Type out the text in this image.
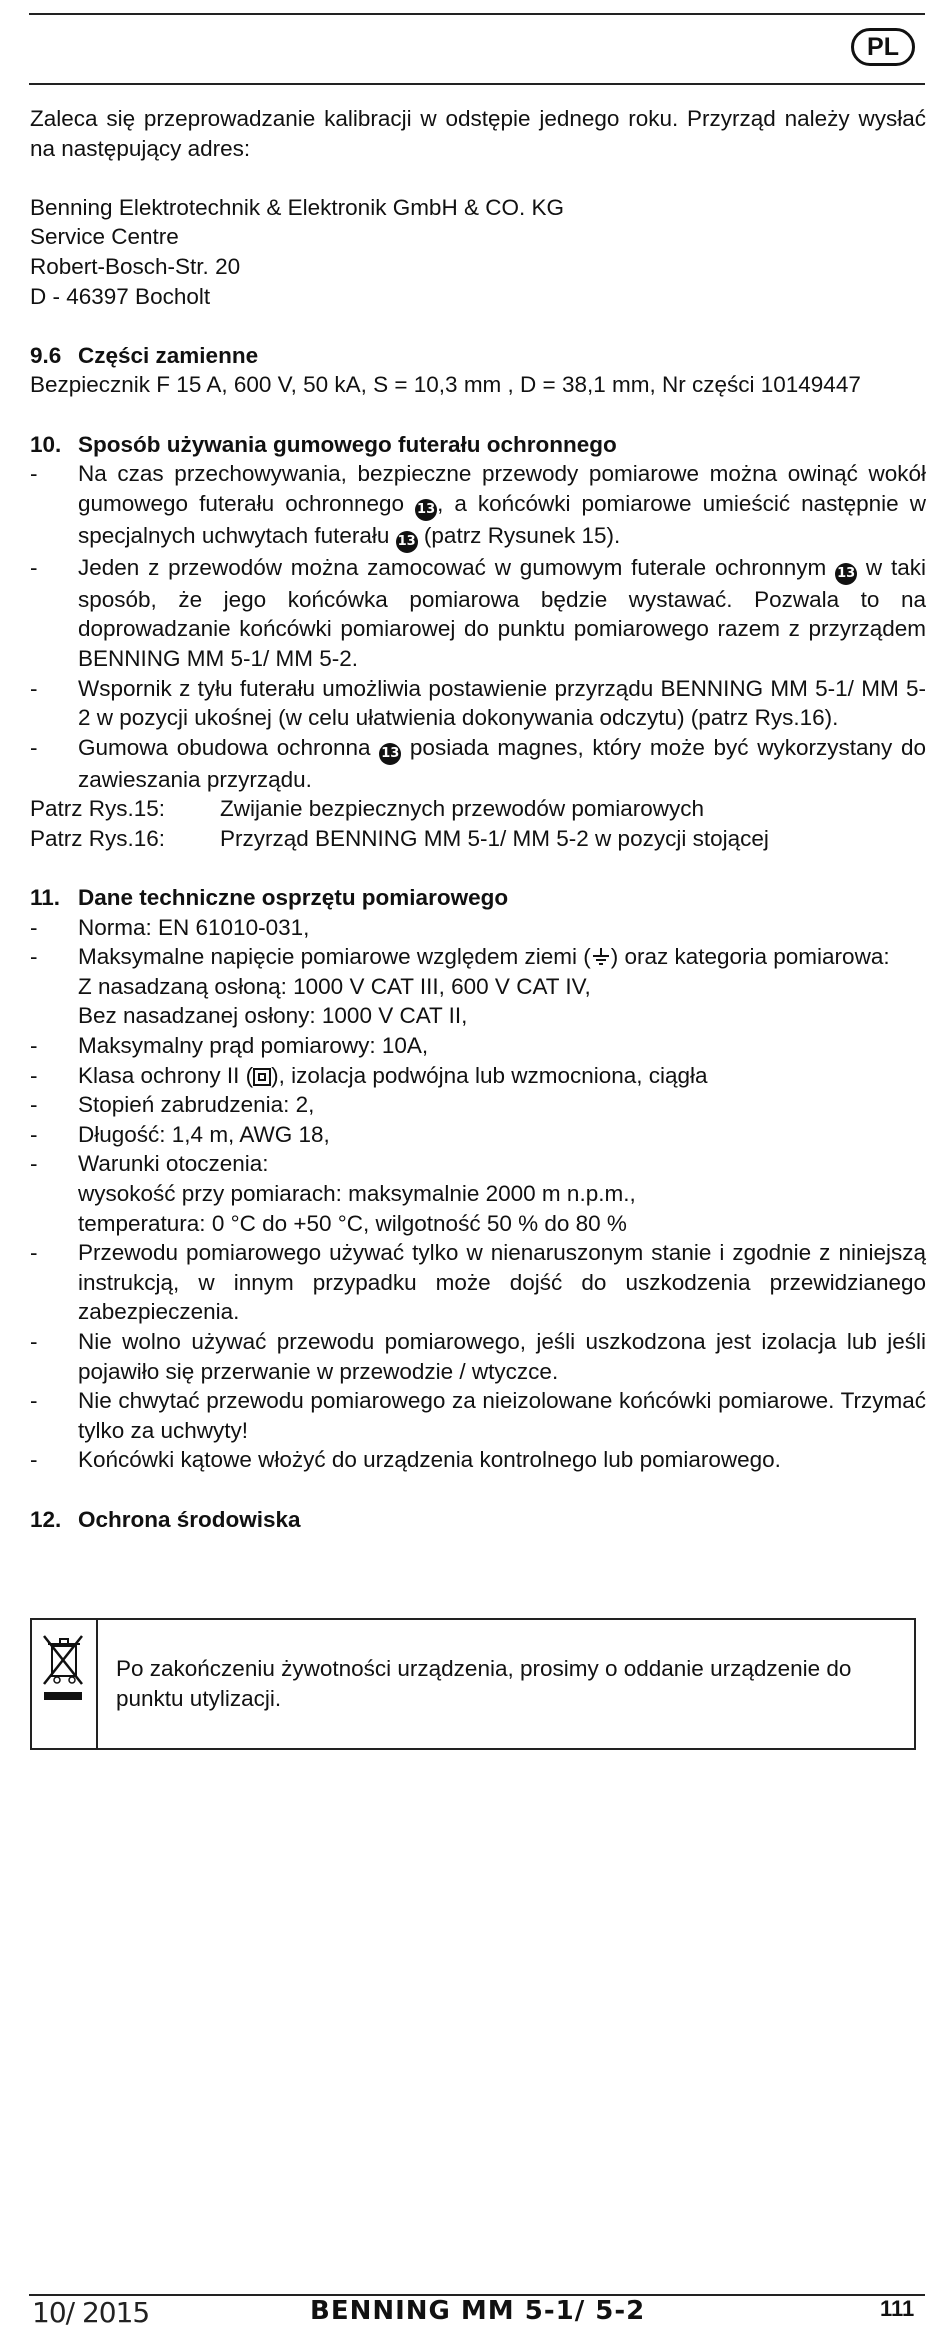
PL

Zaleca się przeprowadzanie kalibracji w odstępie jednego roku. Przyrząd należy wysłać na następujący adres:

Benning Elektrotechnik & Elektronik GmbH & CO. KG
Service Centre
Robert-Bosch-Str. 20
D - 46397 Bocholt
9.6 Części zamienne

Bezpiecznik F 15 A, 600 V, 50 kA, S = 10,3 mm , D = 38,1 mm, Nr części 10149447

10. Sposób używania gumowego futerału ochronnego
-	Na czas przechowywania, bezpieczne przewody pomiarowe można owinąć wokół gumowego futerału ochronnego 13, a końcówki pomiarowe umieścić następnie w specjalnych uchwytach futerału 13 (patrz Rysunek 15).
-	Jeden z przewodów można zamocować w gumowym futerale ochronnym 13 w taki sposób, że jego końcówka pomiarowa będzie wystawać. Pozwala to na doprowadzanie końcówki pomiarowej do punktu pomiarowego razem z przyrządem BENNING MM 5-1/ MM 5-2.
-	Wspornik z tyłu futerału umożliwia postawienie przyrządu BENNING MM 5-1/ MM 5-2 w pozycji ukośnej (w celu ułatwienia dokonywania odczytu) (patrz Rys.16).
-	Gumowa obudowa ochronna 13 posiada magnes, który może być wykorzystany do zawieszania przyrządu.
Patrz Rys.15:	Zwijanie bezpiecznych przewodów pomiarowych
Patrz Rys.16:	Przyrząd BENNING MM 5-1/ MM 5-2 w pozycji stojącej
11. Dane techniczne osprzętu pomiarowego
-	Norma: EN 61010-031,
-	Maksymalne napięcie pomiarowe względem ziemi ( ) oraz kategoria pomiarowa:
Z nasadzaną osłoną: 1000 V CAT III, 600 V CAT IV,
Bez nasadzanej osłony: 1000 V CAT II,
-	Maksymalny prąd pomiarowy: 10A,
-	Klasa ochrony II ( ), izolacja podwójna lub wzmocniona, ciągła
-	Stopień zabrudzenia: 2,
-	Długość: 1,4 m, AWG 18,
-	Warunki otoczenia:
wysokość przy pomiarach: maksymalnie 2000 m n.p.m.,
temperatura: 0 °C do +50 °C, wilgotność 50 % do 80 %
-	Przewodu pomiarowego używać tylko w nienaruszonym stanie i zgodnie z niniejszą instrukcją, w innym przypadku może dojść do uszkodzenia przewidzianego zabezpieczenia.
-	Nie wolno używać przewodu pomiarowego, jeśli uszkodzona jest izolacja lub jeśli pojawiło się przerwanie w przewodzie / wtyczce.
-	Nie chwytać przewodu pomiarowego za nieizolowane końcówki pomiarowe. Trzymać tylko za uchwyty!
-	Końcówki kątowe włożyć do urządzenia kontrolnego lub pomiarowego.
12. Ochrona środowiska
Po zakończeniu żywotności urządzenia, prosimy o oddanie urządzenie do punktu utylizacji.
10/ 2015	BENNING MM 5-1/ 5-2	111
